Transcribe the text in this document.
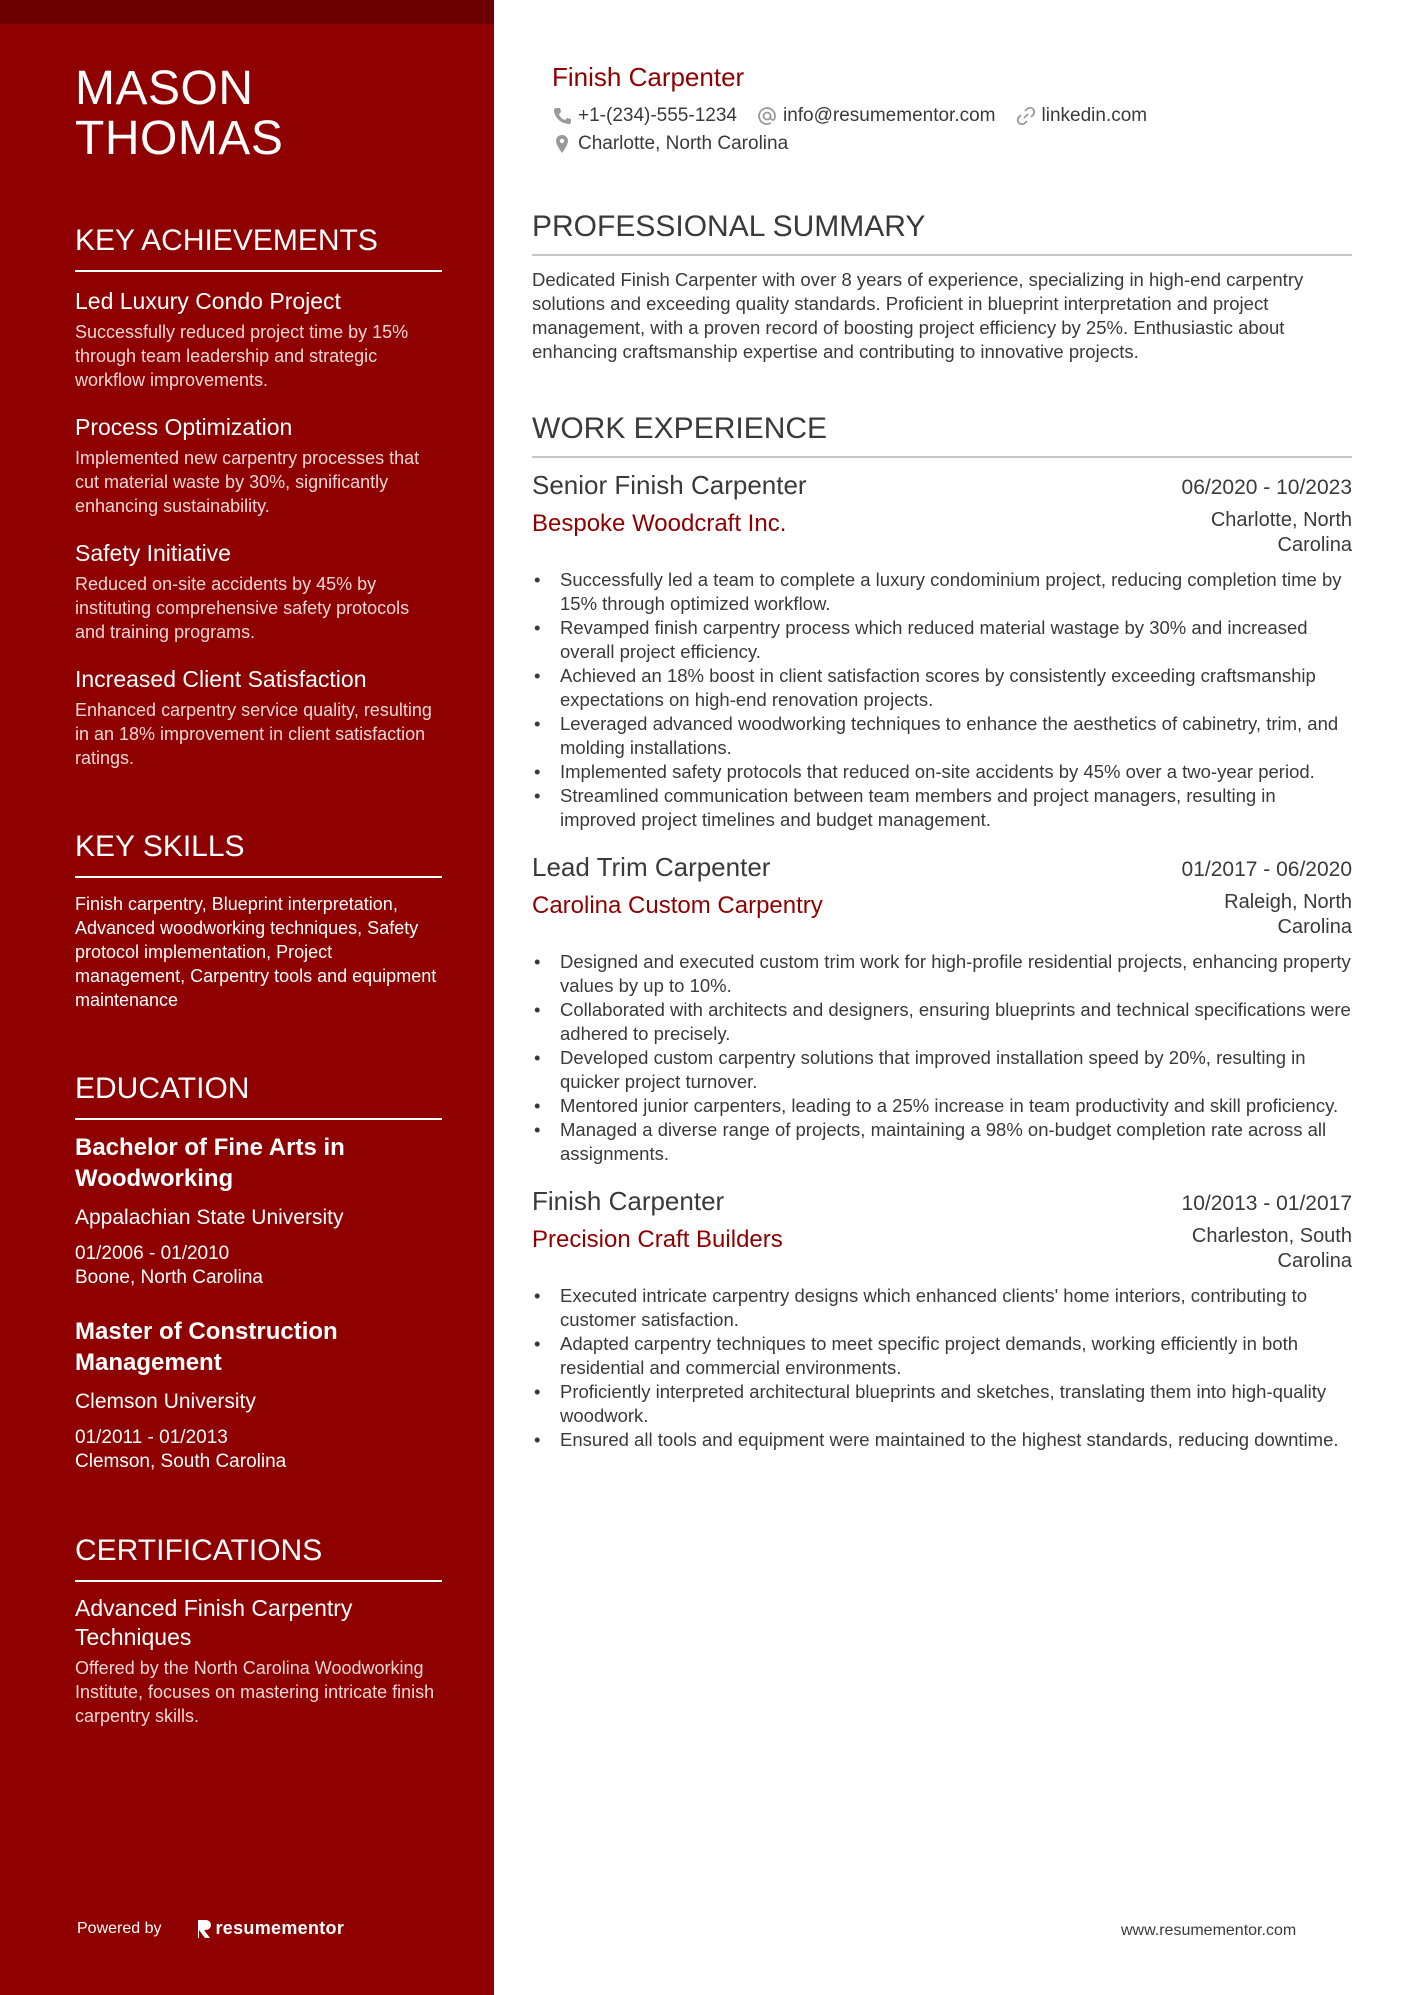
MASON
THOMAS
KEY ACHIEVEMENTS
Led Luxury Condo Project
Successfully reduced project time by 15% through team leadership and strategic workflow improvements.
Process Optimization
Implemented new carpentry processes that cut material waste by 30%, significantly enhancing sustainability.
Safety Initiative
Reduced on-site accidents by 45% by instituting comprehensive safety protocols and training programs.
Increased Client Satisfaction
Enhanced carpentry service quality, resulting in an 18% improvement in client satisfaction ratings.
KEY SKILLS
Finish carpentry, Blueprint interpretation, Advanced woodworking techniques, Safety protocol implementation, Project management, Carpentry tools and equipment maintenance
EDUCATION
Bachelor of Fine Arts in Woodworking
Appalachian State University
01/2006 - 01/2010
Boone, North Carolina
Master of Construction Management
Clemson University
01/2011 - 01/2013
Clemson, South Carolina
CERTIFICATIONS
Advanced Finish Carpentry Techniques
Offered by the North Carolina Woodworking Institute, focuses on mastering intricate finish carpentry skills.
Powered by	resumementor
Finish Carpenter
+1-(234)-555-1234 info@resumementor.com linkedin.com
Charlotte, North Carolina
PROFESSIONAL SUMMARY
Dedicated Finish Carpenter with over 8 years of experience, specializing in high-end carpentry solutions and exceeding quality standards. Proficient in blueprint interpretation and project management, with a proven record of boosting project efficiency by 25%. Enthusiastic about enhancing craftsmanship expertise and contributing to innovative projects.
WORK EXPERIENCE
Senior Finish Carpenter	06/2020 - 10/2023
Bespoke Woodcraft Inc.	Charlotte, North Carolina
• Successfully led a team to complete a luxury condominium project, reducing completion time by 15% through optimized workflow.
• Revamped finish carpentry process which reduced material wastage by 30% and increased overall project efficiency.
• Achieved an 18% boost in client satisfaction scores by consistently exceeding craftsmanship expectations on high-end renovation projects.
• Leveraged advanced woodworking techniques to enhance the aesthetics of cabinetry, trim, and molding installations.
• Implemented safety protocols that reduced on-site accidents by 45% over a two-year period.
• Streamlined communication between team members and project managers, resulting in improved project timelines and budget management.
Lead Trim Carpenter	01/2017 - 06/2020
Carolina Custom Carpentry	Raleigh, North Carolina
• Designed and executed custom trim work for high-profile residential projects, enhancing property values by up to 10%.
• Collaborated with architects and designers, ensuring blueprints and technical specifications were adhered to precisely.
• Developed custom carpentry solutions that improved installation speed by 20%, resulting in quicker project turnover.
• Mentored junior carpenters, leading to a 25% increase in team productivity and skill proficiency.
• Managed a diverse range of projects, maintaining a 98% on-budget completion rate across all assignments.
Finish Carpenter	10/2013 - 01/2017
Precision Craft Builders	Charleston, South Carolina
• Executed intricate carpentry designs which enhanced clients' home interiors, contributing to customer satisfaction.
• Adapted carpentry techniques to meet specific project demands, working efficiently in both residential and commercial environments.
• Proficiently interpreted architectural blueprints and sketches, translating them into high-quality woodwork.
• Ensured all tools and equipment were maintained to the highest standards, reducing downtime.
www.resumementor.com
